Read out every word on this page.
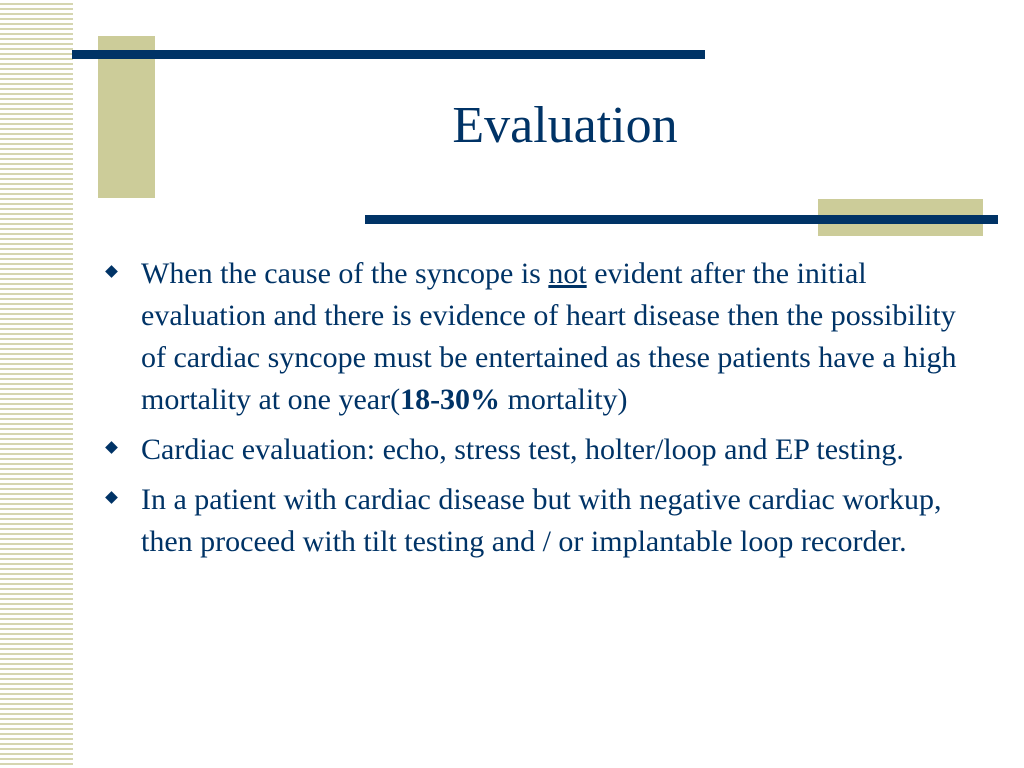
Evaluation
When the cause of the syncope is not evident after the initial evaluation and there is evidence of heart disease then the possibility of cardiac syncope must be entertained as these patients have a high mortality at one year(18-30% mortality)
Cardiac evaluation: echo, stress test, holter/loop and EP testing.
In a patient with cardiac disease but with negative cardiac workup, then proceed with tilt testing and / or implantable loop recorder.
